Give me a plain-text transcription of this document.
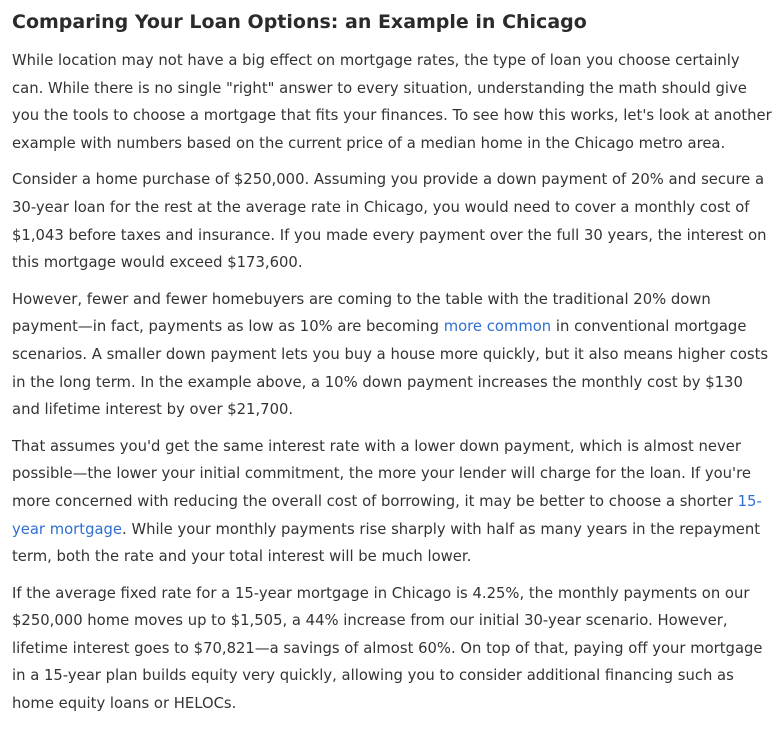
Comparing Your Loan Options: an Example in Chicago

While location may not have a big effect on mortgage rates, the type of loan you choose certainly can. While there is no single "right" answer to every situation, understanding the math should give you the tools to choose a mortgage that fits your finances. To see how this works, let's look at another example with numbers based on the current price of a median home in the Chicago metro area.

Consider a home purchase of $250,000. Assuming you provide a down payment of 20% and secure a 30-year loan for the rest at the average rate in Chicago, you would need to cover a monthly cost of $1,043 before taxes and insurance. If you made every payment over the full 30 years, the interest on this mortgage would exceed $173,600.

However, fewer and fewer homebuyers are coming to the table with the traditional 20% down payment—in fact, payments as low as 10% are becoming more common in conventional mortgage scenarios. A smaller down payment lets you buy a house more quickly, but it also means higher costs in the long term. In the example above, a 10% down payment increases the monthly cost by $130 and lifetime interest by over $21,700.

That assumes you'd get the same interest rate with a lower down payment, which is almost never possible—the lower your initial commitment, the more your lender will charge for the loan. If you're more concerned with reducing the overall cost of borrowing, it may be better to choose a shorter 15-year mortgage. While your monthly payments rise sharply with half as many years in the repayment term, both the rate and your total interest will be much lower.

If the average fixed rate for a 15-year mortgage in Chicago is 4.25%, the monthly payments on our $250,000 home moves up to $1,505, a 44% increase from our initial 30-year scenario. However, lifetime interest goes to $70,821—a savings of almost 60%. On top of that, paying off your mortgage in a 15-year plan builds equity very quickly, allowing you to consider additional financing such as home equity loans or HELOCs.
